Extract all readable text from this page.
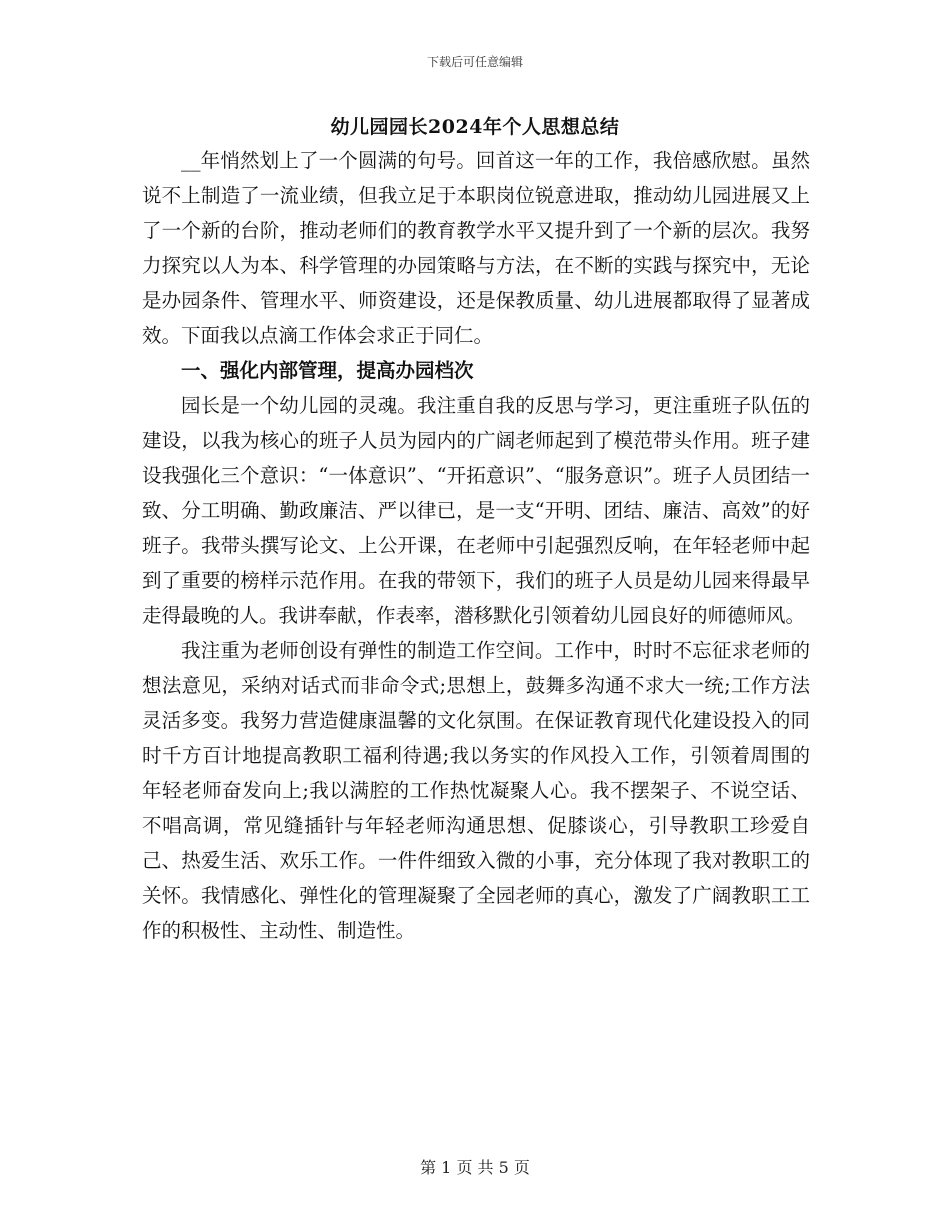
下载后可任意编辑
幼儿园园长2024年个人思想总结

__年悄然划上了一个圆满的句号。回首这一年的工作，我倍感欣慰。虽然说不上制造了一流业绩，但我立足于本职岗位锐意进取，推动幼儿园进展又上了一个新的台阶，推动老师们的教育教学水平又提升到了一个新的层次。我努力探究以人为本、科学管理的办园策略与方法，在不断的实践与探究中，无论是办园条件、管理水平、师资建设，还是保教质量、幼儿进展都取得了显著成效。下面我以点滴工作体会求正于同仁。

一、强化内部管理，提高办园档次

园长是一个幼儿园的灵魂。我注重自我的反思与学习，更注重班子队伍的建设，以我为核心的班子人员为园内的广阔老师起到了模范带头作用。班子建设我强化三个意识：“一体意识”、“开拓意识”、“服务意识”。班子人员团结一致、分工明确、勤政廉洁、严以律已，是一支“开明、团结、廉洁、高效”的好班子。我带头撰写论文、上公开课，在老师中引起强烈反响，在年轻老师中起到了重要的榜样示范作用。在我的带领下，我们的班子人员是幼儿园来得最早走得最晚的人。我讲奉献，作表率，潜移默化引领着幼儿园良好的师德师风。

我注重为老师创设有弹性的制造工作空间。工作中，时时不忘征求老师的想法意见，采纳对话式而非命令式;思想上，鼓舞多沟通不求大一统;工作方法灵活多变。我努力营造健康温馨的文化氛围。在保证教育现代化建设投入的同时千方百计地提高教职工福利待遇;我以务实的作风投入工作，引领着周围的年轻老师奋发向上;我以满腔的工作热忱凝聚人心。我不摆架子、不说空话、不唱高调，常见缝插针与年轻老师沟通思想、促膝谈心，引导教职工珍爱自己、热爱生活、欢乐工作。一件件细致入微的小事，充分体现了我对教职工的关怀。我情感化、弹性化的管理凝聚了全园老师的真心，激发了广阔教职工工作的积极性、主动性、制造性。

第 1 页 共 5 页
